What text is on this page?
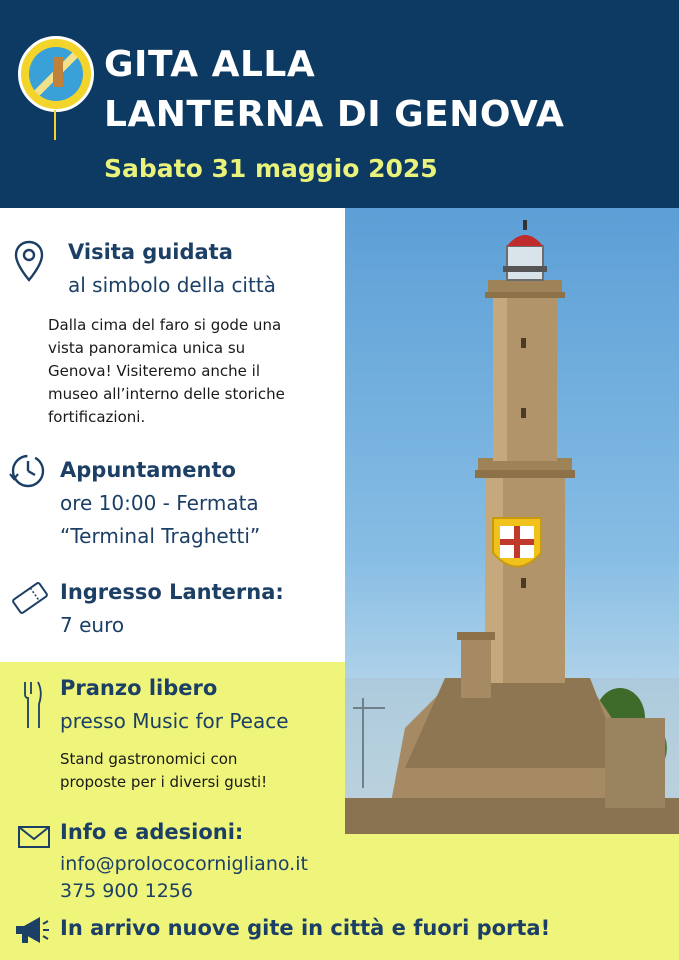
GITA ALLA
LANTERNA DI GENOVA
Sabato 31 maggio 2025
Visita guidata
al simbolo della città
Dalla cima del faro si gode una
vista panoramica unica su
Genova! Visiteremo anche il
museo all’interno delle storiche
fortificazioni.
Appuntamento
ore 10:00 - Fermata
“Terminal Traghetti”
Ingresso Lanterna:
7 euro
Pranzo libero
presso Music for Peace
Stand gastronomici con
proposte per i diversi gusti!
Info e adesioni:
info@prolococornigliano.it
375 900 1256
In arrivo nuove gite in città e fuori porta!
